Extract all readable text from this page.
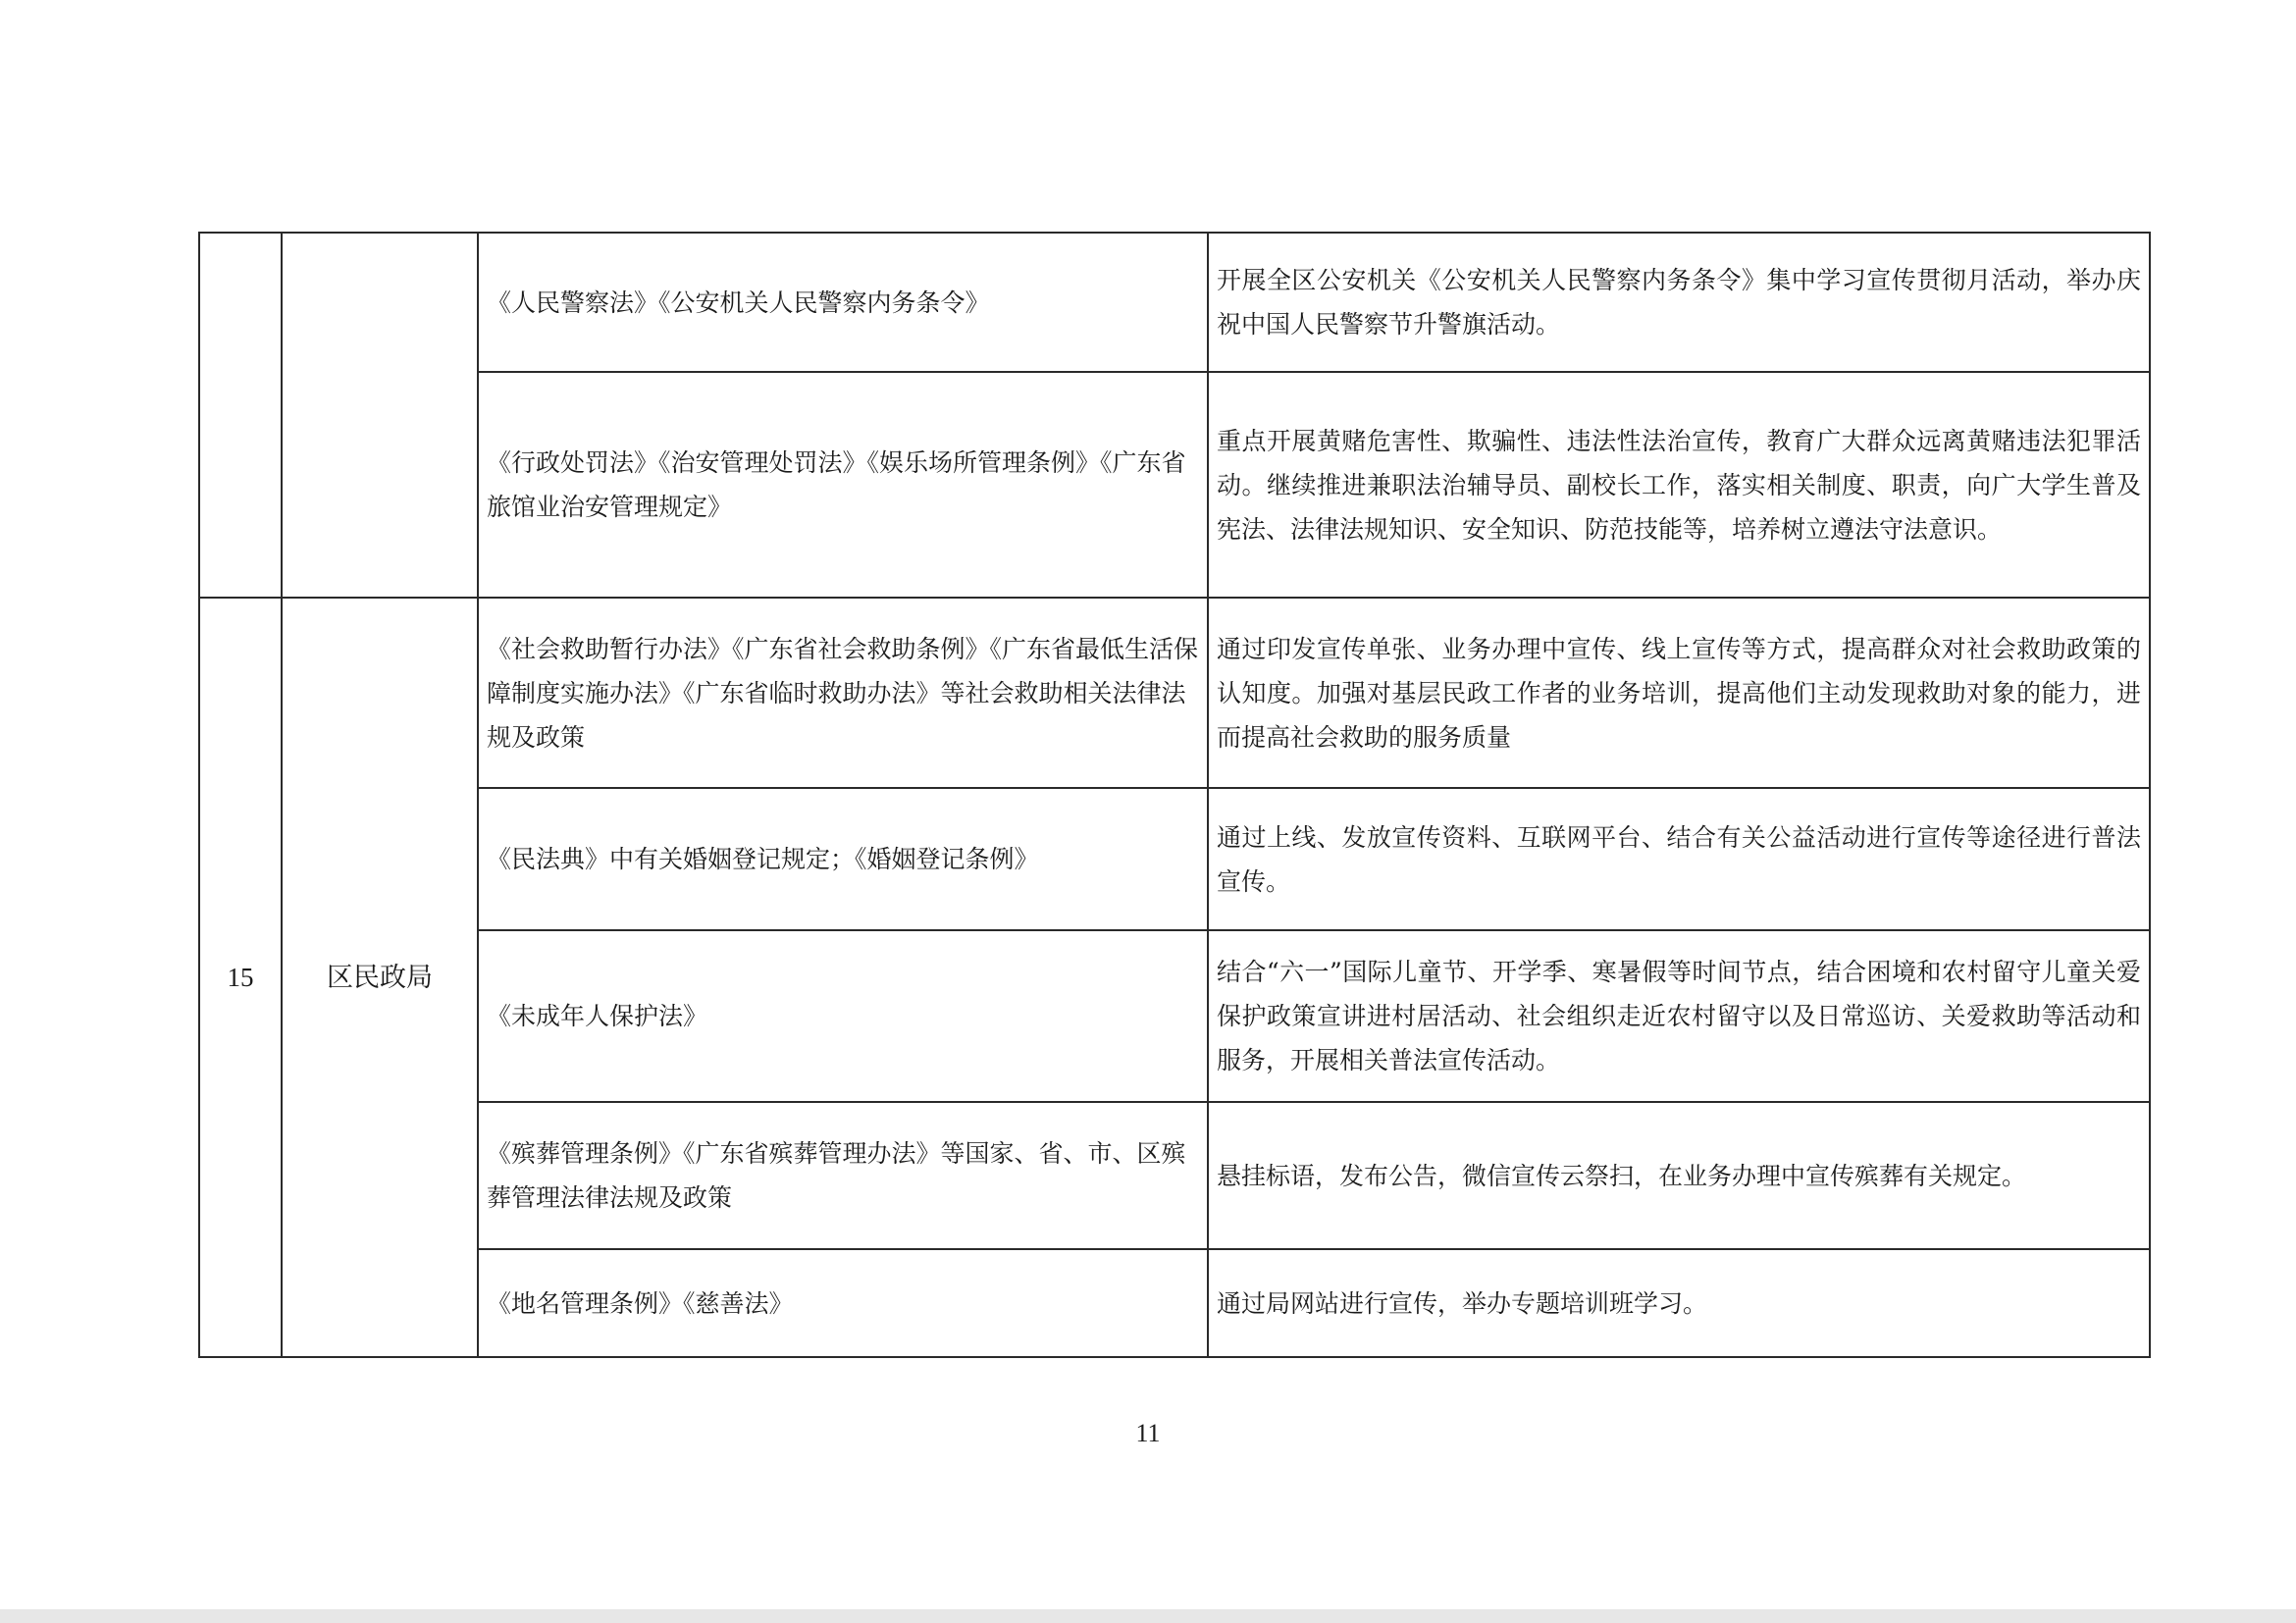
		《人民警察法》《公安机关人民警察内务条令》	开展全区公安机关《公安机关人民警察内务条令》集中学习宣传贯彻月活动，举办庆祝中国人民警察节升警旗活动。
		《行政处罚法》《治安管理处罚法》《娱乐场所管理条例》《广东省旅馆业治安管理规定》	重点开展黄赌危害性、欺骗性、违法性法治宣传，教育广大群众远离黄赌违法犯罪活动。继续推进兼职法治辅导员、副校长工作，落实相关制度、职责，向广大学生普及宪法、法律法规知识、安全知识、防范技能等，培养树立遵法守法意识。
15	区民政局	《社会救助暂行办法》《广东省社会救助条例》《广东省最低生活保障制度实施办法》《广东省临时救助办法》等社会救助相关法律法规及政策	通过印发宣传单张、业务办理中宣传、线上宣传等方式，提高群众对社会救助政策的认知度。加强对基层民政工作者的业务培训，提高他们主动发现救助对象的能力，进而提高社会救助的服务质量
		《民法典》中有关婚姻登记规定；《婚姻登记条例》	通过上线、发放宣传资料、互联网平台、结合有关公益活动进行宣传等途径进行普法宣传。
		《未成年人保护法》	结合“六一”国际儿童节、开学季、寒暑假等时间节点，结合困境和农村留守儿童关爱保护政策宣讲进村居活动、社会组织走近农村留守以及日常巡访、关爱救助等活动和服务，开展相关普法宣传活动。
		《殡葬管理条例》《广东省殡葬管理办法》等国家、省、市、区殡葬管理法律法规及政策	悬挂标语，发布公告，微信宣传云祭扫，在业务办理中宣传殡葬有关规定。
		《地名管理条例》《慈善法》	通过局网站进行宣传，举办专题培训班学习。
11
